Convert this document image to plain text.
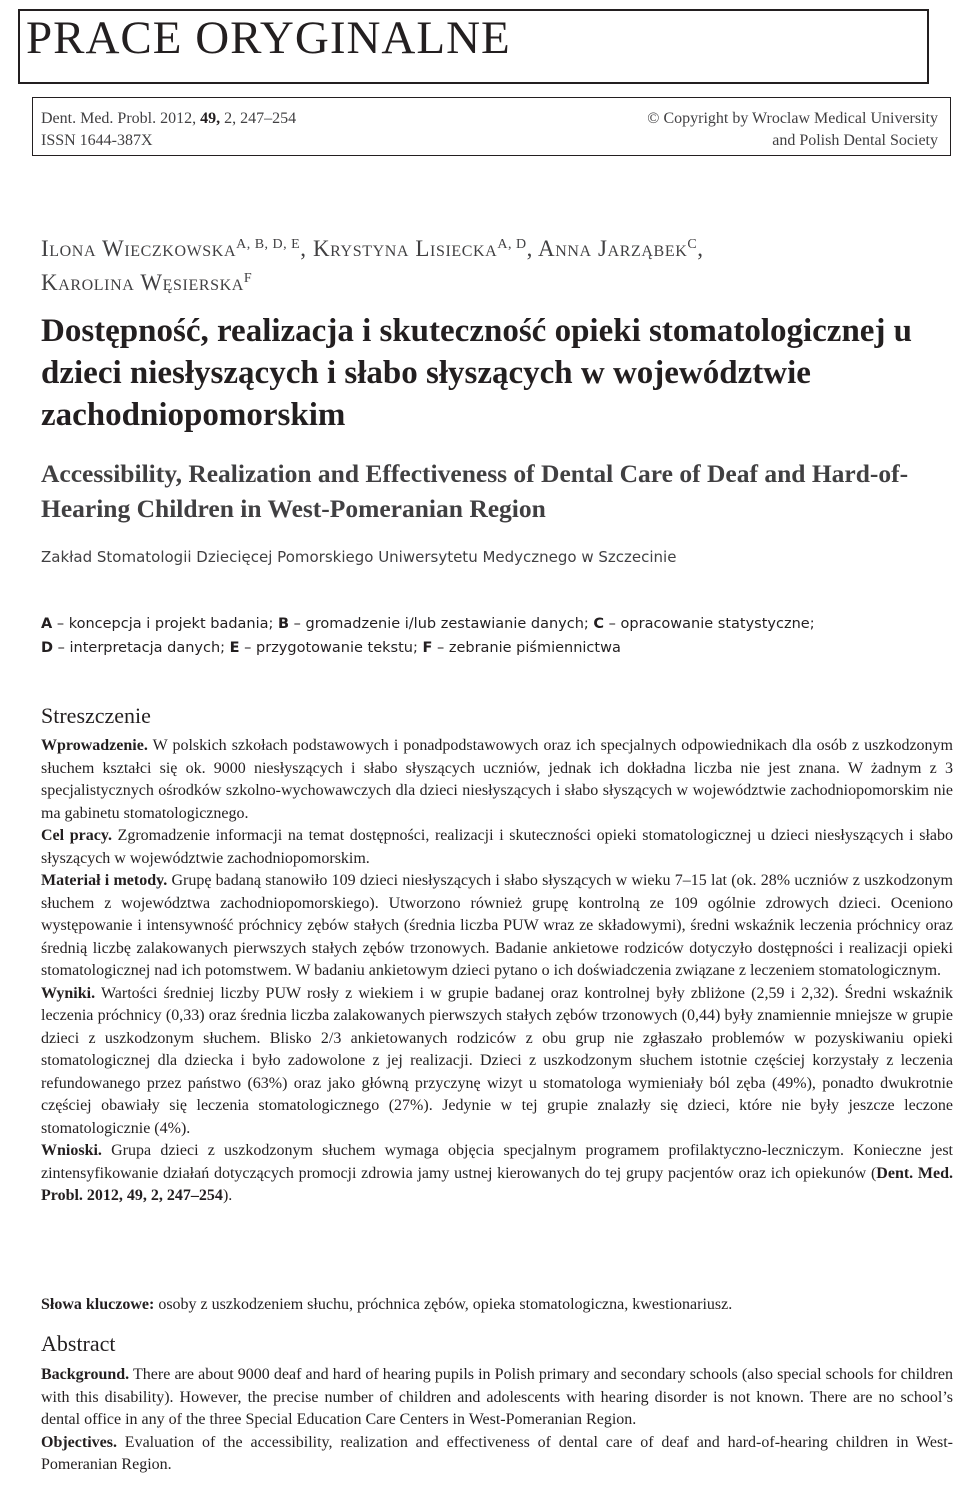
PRACE ORYGINALNE
Dent. Med. Probl. 2012, 49, 2, 247–254
ISSN 1644-387X
© Copyright by Wroclaw Medical University
and Polish Dental Society
Ilona Wieczkowska$^{A, B, D, E}$, Krystyna Lisiecka$^{A, D}$, Anna Jarząbek$^C$,
Karolina Węsierska$^F$
Dostępność, realizacja i skuteczność opieki stomatologicznej u dzieci niesłyszących i słabo słyszących w województwie zachodniopomorskim
Accessibility, Realization and Effectiveness of Dental Care of Deaf and Hard-of-Hearing Children in West-Pomeranian Region
Zakład Stomatologii Dziecięcej Pomorskiego Uniwersytetu Medycznego w Szczecinie
A – koncepcja i projekt badania; B – gromadzenie i/lub zestawianie danych; C – opracowanie statystyczne;
D – interpretacja danych; E – przygotowanie tekstu; F – zebranie piśmiennictwa
Streszczenie

Wprowadzenie. W polskich szkołach podstawowych i ponadpodstawowych oraz ich specjalnych odpowiednikach dla osób z uszkodzonym słuchem kształci się ok. 9000 niesłyszących i słabo słyszących uczniów, jednak ich dokładna liczba nie jest znana. W żadnym z 3 specjalistycznych ośrodków szkolno-wychowawczych dla dzieci niesłyszących i słabo słyszących w województwie zachodniopomorskim nie ma gabinetu stomatologicznego.

Cel pracy. Zgromadzenie informacji na temat dostępności, realizacji i skuteczności opieki stomatologicznej u dzieci niesłyszących i słabo słyszących w województwie zachodniopomorskim.

Materiał i metody. Grupę badaną stanowiło 109 dzieci niesłyszących i słabo słyszących w wieku 7–15 lat (ok. 28% uczniów z uszkodzonym słuchem z województwa zachodniopomorskiego). Utworzono również grupę kontrolną ze 109 ogólnie zdrowych dzieci. Oceniono występowanie i intensywność próchnicy zębów stałych (średnia liczba PUW wraz ze składowymi), średni wskaźnik leczenia próchnicy oraz średnią liczbę zalakowanych pierwszych stałych zębów trzonowych. Badanie ankietowe rodziców dotyczyło dostępności i realizacji opieki stomatologicznej nad ich potomstwem. W badaniu ankietowym dzieci pytano o ich doświadczenia związane z leczeniem stomatologicznym.

Wyniki. Wartości średniej liczby PUW rosły z wiekiem i w grupie badanej oraz kontrolnej były zbliżone (2,59 i 2,32). Średni wskaźnik leczenia próchnicy (0,33) oraz średnia liczba zalakowanych pierwszych stałych zębów trzonowych (0,44) były znamiennie mniejsze w grupie dzieci z uszkodzonym słuchem. Blisko 2/3 ankietowanych rodziców z obu grup nie zgłaszało problemów w pozyskiwaniu opieki stomatologicznej dla dziecka i było zadowolone z jej realizacji. Dzieci z uszkodzonym słuchem istotnie częściej korzystały z leczenia refundowanego przez państwo (63%) oraz jako główną przyczynę wizyt u stomatologa wymieniały ból zęba (49%), ponadto dwukrotnie częściej obawiały się leczenia stomatologicznego (27%). Jedynie w tej grupie znalazły się dzieci, które nie były jeszcze leczone stomatologicznie (4%).

Wnioski. Grupa dzieci z uszkodzonym słuchem wymaga objęcia specjalnym programem profilaktyczno-leczniczym. Konieczne jest zintensyfikowanie działań dotyczących promocji zdrowia jamy ustnej kierowanych do tej grupy pacjentów oraz ich opiekunów (Dent. Med. Probl. 2012, 49, 2, 247–254).

Słowa kluczowe: osoby z uszkodzeniem słuchu, próchnica zębów, opieka stomatologiczna, kwestionariusz.
Abstract

Background. There are about 9000 deaf and hard of hearing pupils in Polish primary and secondary schools (also special schools for children with this disability). However, the precise number of children and adolescents with hearing disorder is not known. There are no school’s dental office in any of the three Special Education Care Centers in West-Pomeranian Region.

Objectives. Evaluation of the accessibility, realization and effectiveness of dental care of deaf and hard-of-hearing children in West-Pomeranian Region.
